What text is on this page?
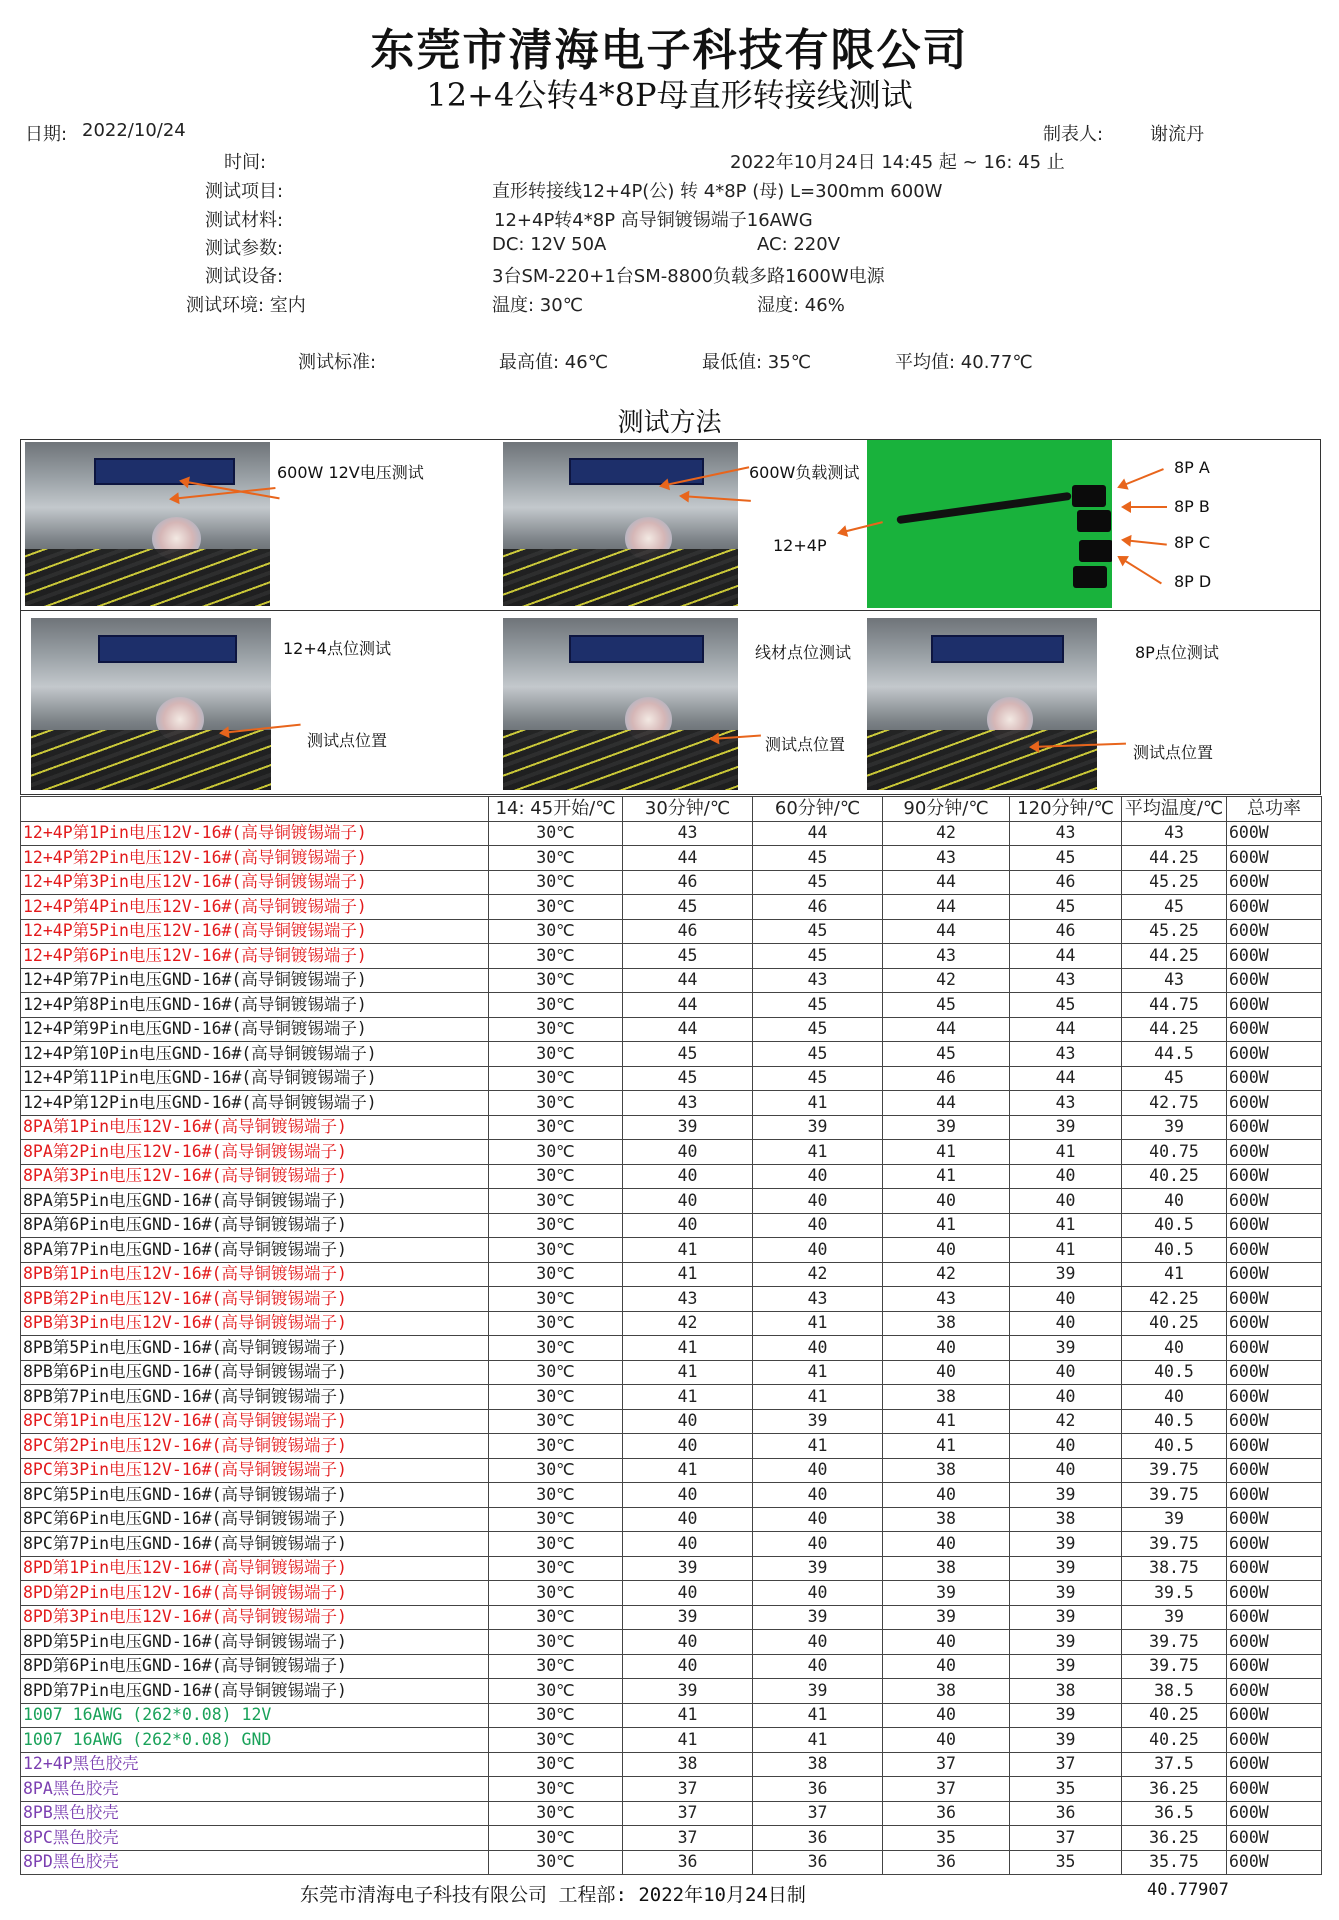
东莞市清海电子科技有限公司
12+4公转4*8P母直形转接线测试
日期: 2022/10/24	制表人:	谢流丹
时间:	2022年10月24日 14:45 起 ~ 16: 45 止
测试项目:	直形转接线12+4P(公) 转 4*8P (母) L=300mm 600W
测试材料:	12+4P转4*8P 高导铜镀锡端子16AWG
测试参数:	DC: 12V 50A	AC: 220V
测试设备:	3台SM-220+1台SM-8800负载多路1600W电源
测试环境: 室内	温度: 30℃	湿度: 46%
测试标准:	最高值: 46℃	最低值: 35℃	平均值: 40.77℃
测试方法
600W 12V电压测试	600W负载测试
12+4P
8P A
8P B
8P C
8P D
12+4点位测试
测试点位置
线材点位测试
测试点位置
8P点位测试
测试点位置
	14: 45开始/℃	30分钟/℃	60分钟/℃	90分钟/℃	120分钟/℃	平均温度/℃	总功率
12+4P第1Pin电压12V-16#(高导铜镀锡端子)	30℃	43	44	42	43	43	600W
12+4P第2Pin电压12V-16#(高导铜镀锡端子)	30℃	44	45	43	45	44.25	600W
12+4P第3Pin电压12V-16#(高导铜镀锡端子)	30℃	46	45	44	46	45.25	600W
12+4P第4Pin电压12V-16#(高导铜镀锡端子)	30℃	45	46	44	45	45	600W
12+4P第5Pin电压12V-16#(高导铜镀锡端子)	30℃	46	45	44	46	45.25	600W
12+4P第6Pin电压12V-16#(高导铜镀锡端子)	30℃	45	45	43	44	44.25	600W
12+4P第7Pin电压GND-16#(高导铜镀锡端子)	30℃	44	43	42	43	43	600W
12+4P第8Pin电压GND-16#(高导铜镀锡端子)	30℃	44	45	45	45	44.75	600W
12+4P第9Pin电压GND-16#(高导铜镀锡端子)	30℃	44	45	44	44	44.25	600W
12+4P第10Pin电压GND-16#(高导铜镀锡端子)	30℃	45	45	45	43	44.5	600W
12+4P第11Pin电压GND-16#(高导铜镀锡端子)	30℃	45	45	46	44	45	600W
12+4P第12Pin电压GND-16#(高导铜镀锡端子)	30℃	43	41	44	43	42.75	600W
8PA第1Pin电压12V-16#(高导铜镀锡端子)	30℃	39	39	39	39	39	600W
8PA第2Pin电压12V-16#(高导铜镀锡端子)	30℃	40	41	41	41	40.75	600W
8PA第3Pin电压12V-16#(高导铜镀锡端子)	30℃	40	40	41	40	40.25	600W
8PA第5Pin电压GND-16#(高导铜镀锡端子)	30℃	40	40	40	40	40	600W
8PA第6Pin电压GND-16#(高导铜镀锡端子)	30℃	40	40	41	41	40.5	600W
8PA第7Pin电压GND-16#(高导铜镀锡端子)	30℃	41	40	40	41	40.5	600W
8PB第1Pin电压12V-16#(高导铜镀锡端子)	30℃	41	42	42	39	41	600W
8PB第2Pin电压12V-16#(高导铜镀锡端子)	30℃	43	43	43	40	42.25	600W
8PB第3Pin电压12V-16#(高导铜镀锡端子)	30℃	42	41	38	40	40.25	600W
8PB第5Pin电压GND-16#(高导铜镀锡端子)	30℃	41	40	40	39	40	600W
8PB第6Pin电压GND-16#(高导铜镀锡端子)	30℃	41	41	40	40	40.5	600W
8PB第7Pin电压GND-16#(高导铜镀锡端子)	30℃	41	41	38	40	40	600W
8PC第1Pin电压12V-16#(高导铜镀锡端子)	30℃	40	39	41	42	40.5	600W
8PC第2Pin电压12V-16#(高导铜镀锡端子)	30℃	40	41	41	40	40.5	600W
8PC第3Pin电压12V-16#(高导铜镀锡端子)	30℃	41	40	38	40	39.75	600W
8PC第5Pin电压GND-16#(高导铜镀锡端子)	30℃	40	40	40	39	39.75	600W
8PC第6Pin电压GND-16#(高导铜镀锡端子)	30℃	40	40	38	38	39	600W
8PC第7Pin电压GND-16#(高导铜镀锡端子)	30℃	40	40	40	39	39.75	600W
8PD第1Pin电压12V-16#(高导铜镀锡端子)	30℃	39	39	38	39	38.75	600W
8PD第2Pin电压12V-16#(高导铜镀锡端子)	30℃	40	40	39	39	39.5	600W
8PD第3Pin电压12V-16#(高导铜镀锡端子)	30℃	39	39	39	39	39	600W
8PD第5Pin电压GND-16#(高导铜镀锡端子)	30℃	40	40	40	39	39.75	600W
8PD第6Pin电压GND-16#(高导铜镀锡端子)	30℃	40	40	40	39	39.75	600W
8PD第7Pin电压GND-16#(高导铜镀锡端子)	30℃	39	39	38	38	38.5	600W
1007 16AWG (262*0.08) 12V	30℃	41	41	40	39	40.25	600W
1007 16AWG (262*0.08) GND	30℃	41	41	40	39	40.25	600W
12+4P黑色胶壳	30℃	38	38	37	37	37.5	600W
8PA黑色胶壳	30℃	37	36	37	35	36.25	600W
8PB黑色胶壳	30℃	37	37	36	36	36.5	600W
8PC黑色胶壳	30℃	37	36	35	37	36.25	600W
8PD黑色胶壳	30℃	36	36	36	35	35.75	600W
东莞市清海电子科技有限公司 工程部: 2022年10月24日制	40.77907
